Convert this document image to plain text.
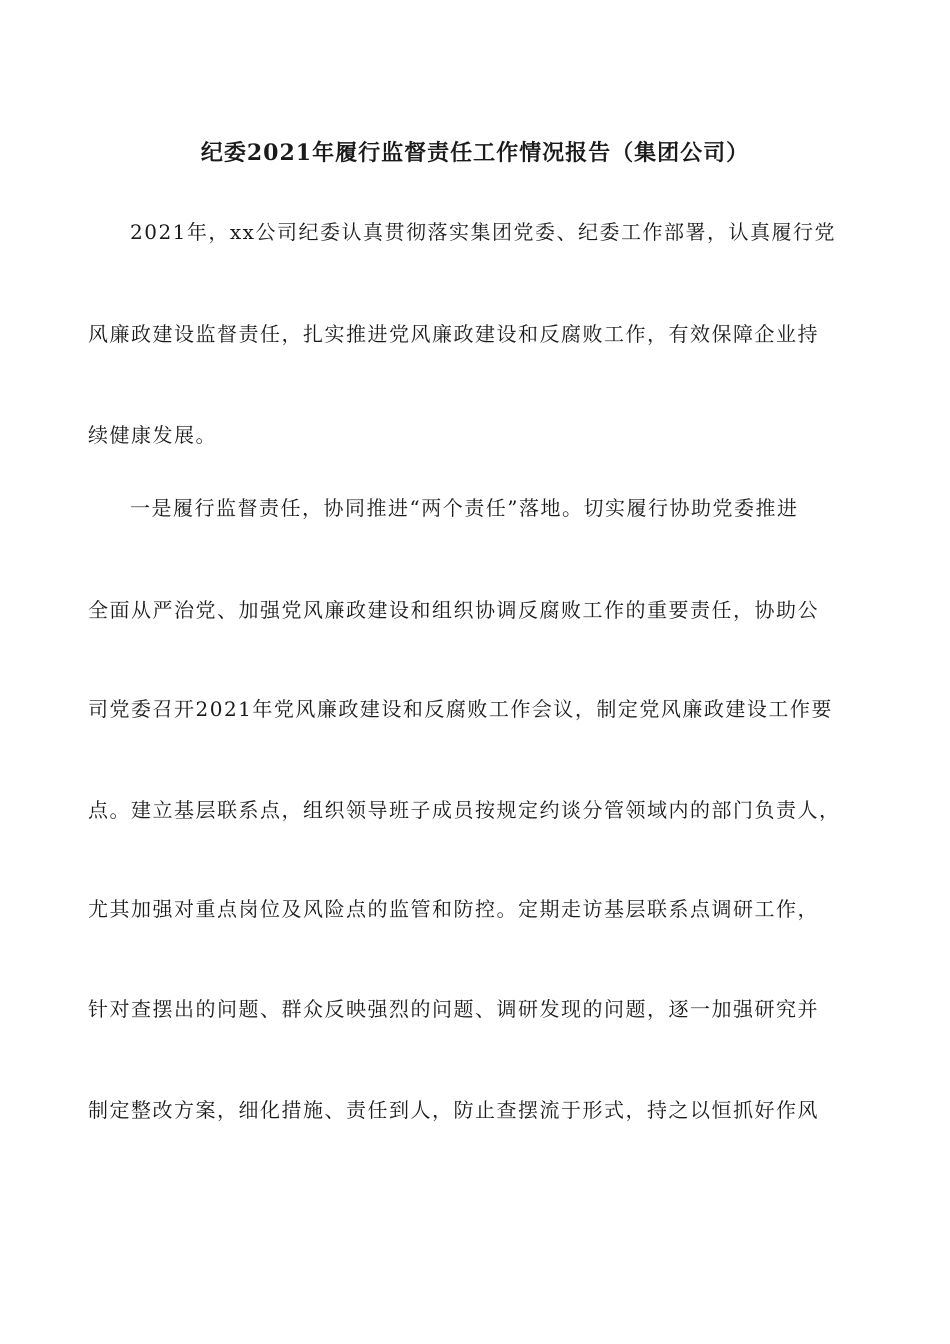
纪委2021年履行监督责任工作情况报告（集团公司）
2021年，xx公司纪委认真贯彻落实集团党委、纪委工作部署，认真履行党
风廉政建设监督责任，扎实推进党风廉政建设和反腐败工作，有效保障企业持
续健康发展。
一是履行监督责任，协同推进“两个责任”落地。切实履行协助党委推进
全面从严治党、加强党风廉政建设和组织协调反腐败工作的重要责任，协助公
司党委召开2021年党风廉政建设和反腐败工作会议，制定党风廉政建设工作要
点。建立基层联系点，组织领导班子成员按规定约谈分管领域内的部门负责人，
尤其加强对重点岗位及风险点的监管和防控。定期走访基层联系点调研工作，
针对查摆出的问题、群众反映强烈的问题、调研发现的问题，逐一加强研究并
制定整改方案，细化措施、责任到人，防止查摆流于形式，持之以恒抓好作风
